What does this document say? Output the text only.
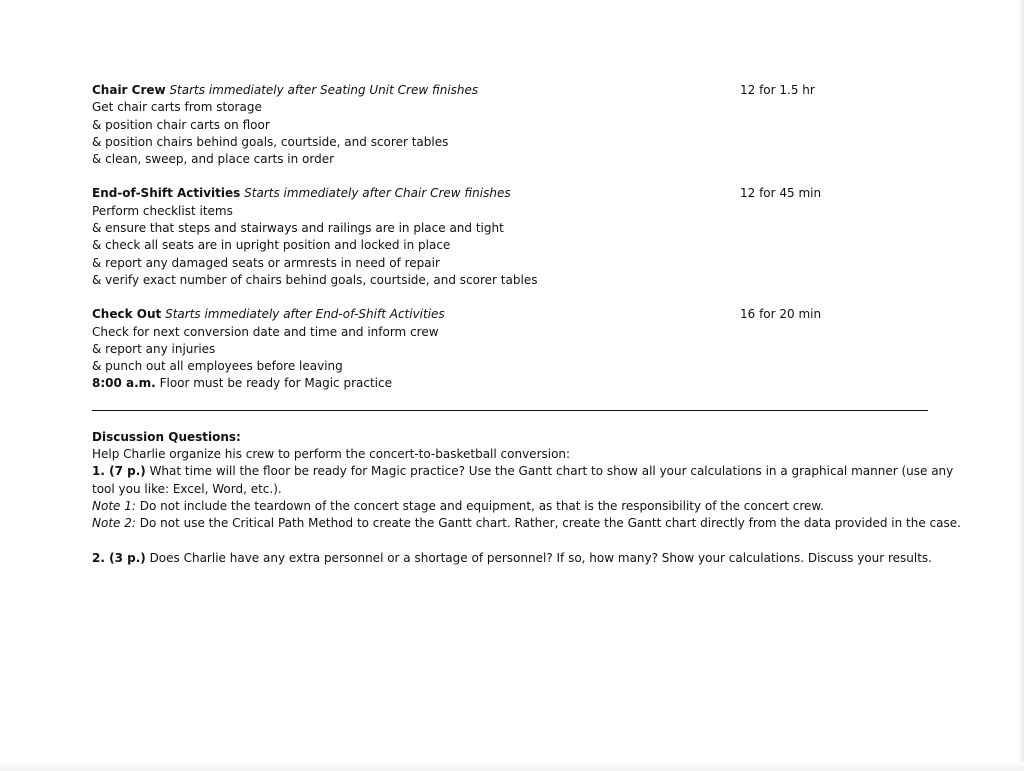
Chair Crew Starts immediately after Seating Unit Crew finishes	12 for 1.5 hr
Get chair carts from storage
& position chair carts on floor
& position chairs behind goals, courtside, and scorer tables
& clean, sweep, and place carts in order
End-of-Shift Activities Starts immediately after Chair Crew finishes	12 for 45 min
Perform checklist items
& ensure that steps and stairways and railings are in place and tight
& check all seats are in upright position and locked in place
& report any damaged seats or armrests in need of repair
& verify exact number of chairs behind goals, courtside, and scorer tables
Check Out Starts immediately after End-of-Shift Activities	16 for 20 min
Check for next conversion date and time and inform crew
& report any injuries
& punch out all employees before leaving
8:00 a.m. Floor must be ready for Magic practice
Discussion Questions:
Help Charlie organize his crew to perform the concert-to-basketball conversion:
1. (7 p.) What time will the floor be ready for Magic practice? Use the Gantt chart to show all your calculations in a graphical manner (use any
tool you like: Excel, Word, etc.).
Note 1: Do not include the teardown of the concert stage and equipment, as that is the responsibility of the concert crew.
Note 2: Do not use the Critical Path Method to create the Gantt chart. Rather, create the Gantt chart directly from the data provided in the case.
2. (3 p.) Does Charlie have any extra personnel or a shortage of personnel? If so, how many? Show your calculations. Discuss your results.
